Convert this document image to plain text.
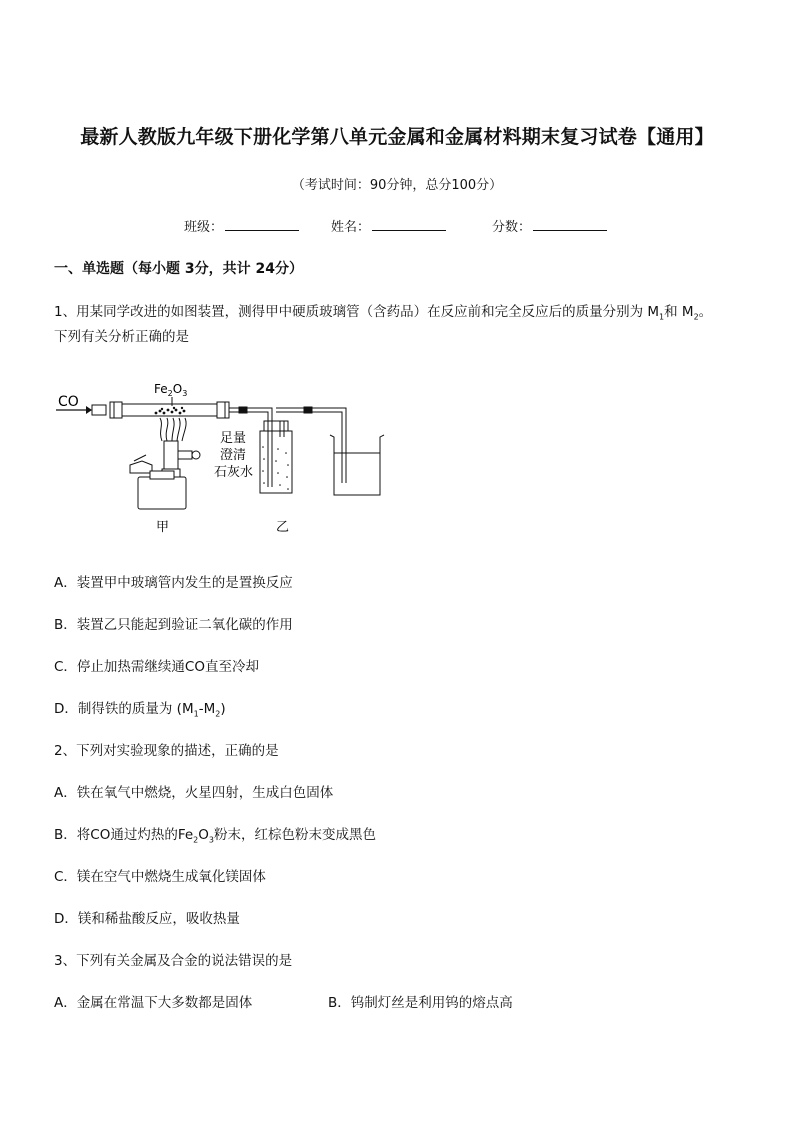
最新人教版九年级下册化学第八单元金属和金属材料期末复习试卷【通用】
（考试时间：90分钟，总分100分）
班级：	姓名：	分数：
一、单选题（每小题 3分，共计 24分）
1、用某同学改进的如图装置，测得甲中硬质玻璃管（含药品）在反应前和完全反应后的质量分别为 $M_1$和 $M_2$。
下列有关分析正确的是
CO
$Fe_2O_3$
足量
澄清
石灰水
甲	乙
A．装置甲中玻璃管内发生的是置换反应
B．装置乙只能起到验证二氧化碳的作用
C．停止加热需继续通CO直至冷却
D．制得铁的质量为 $(M_1-M_2)$
2、下列对实验现象的描述，正确的是
A．铁在氧气中燃烧，火星四射，生成白色固体
B．将CO通过灼热的$Fe_2O_3$粉末，红棕色粉末变成黑色
C．镁在空气中燃烧生成氧化镁固体
D．镁和稀盐酸反应，吸收热量
3、下列有关金属及合金的说法错误的是
A．金属在常温下大多数都是固体	B．钨制灯丝是利用钨的熔点高
